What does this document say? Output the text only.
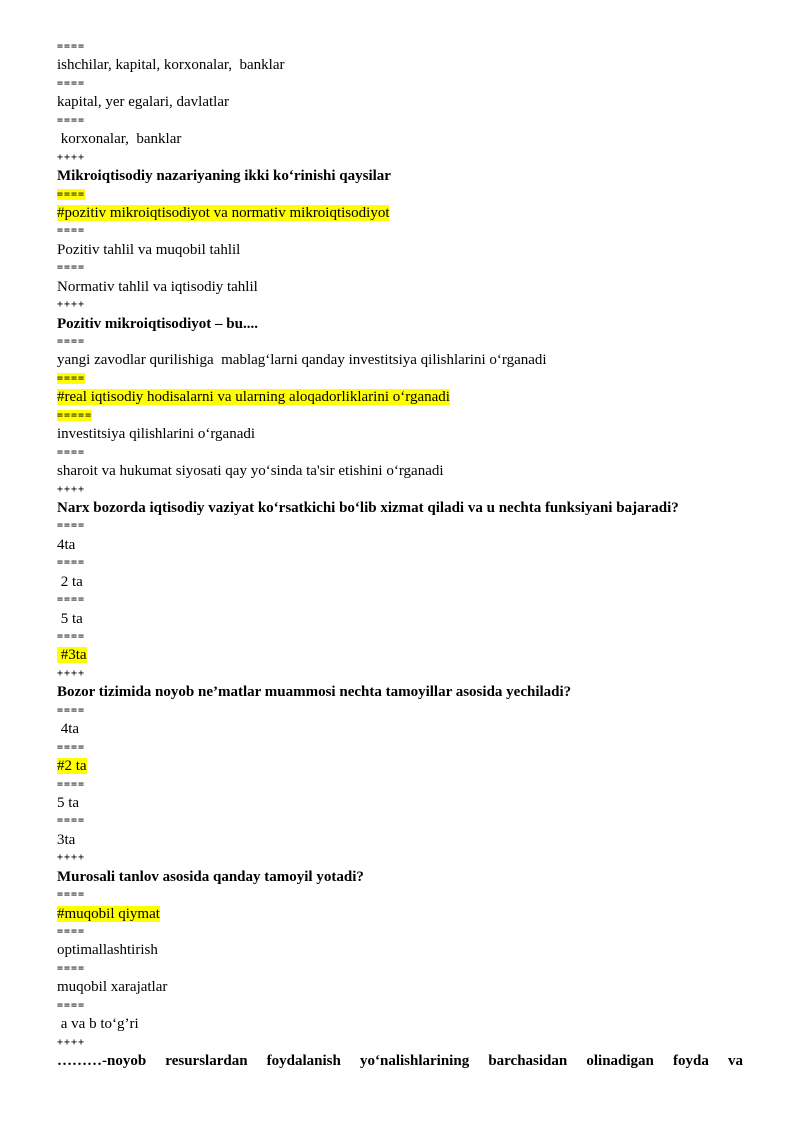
====
ishchilar, kapital, korxonalar,  banklar
====
kapital, yer egalari, davlatlar
====
korxonalar,  banklar
++++
Mikroiqtisodiy nazariyaning ikki ko‘rinishi qaysilar
====
#pozitiv mikroiqtisodiyot va normativ mikroiqtisodiyot
====
Pozitiv tahlil va muqobil tahlil
====
Normativ tahlil va iqtisodiy tahlil
++++
Pozitiv mikroiqtisodiyot – bu....
====
yangi zavodlar qurilishiga  mablag‘larni qanday investitsiya qilishlarini o‘rganadi
====
#real iqtisodiy hodisalarni va ularning aloqadorliklarini o‘rganadi
=====
investitsiya qilishlarini o‘rganadi
====
sharoit va hukumat siyosati qay yo‘sinda ta'sir etishini o‘rganadi
++++
Narx bozorda iqtisodiy vaziyat ko‘rsatkichi bo‘lib xizmat qiladi va u nechta funksiyani bajaradi?
====
4ta
====
2 ta
====
5 ta
====
#3ta
++++
Bozor tizimida noyob ne’matlar muammosi nechta tamoyillar asosida yechiladi?
====
4ta
====
#2 ta
====
5 ta
====
3ta
++++
Murosali tanlov asosida qanday tamoyil yotadi?
====
#muqobil qiymat
====
optimallashtirish
====
muqobil xarajatlar
====
a va b to‘g’ri
++++
………-noyob resurslardan foydalanish yo‘nalishlarining barchasidan olinadigan foyda va
